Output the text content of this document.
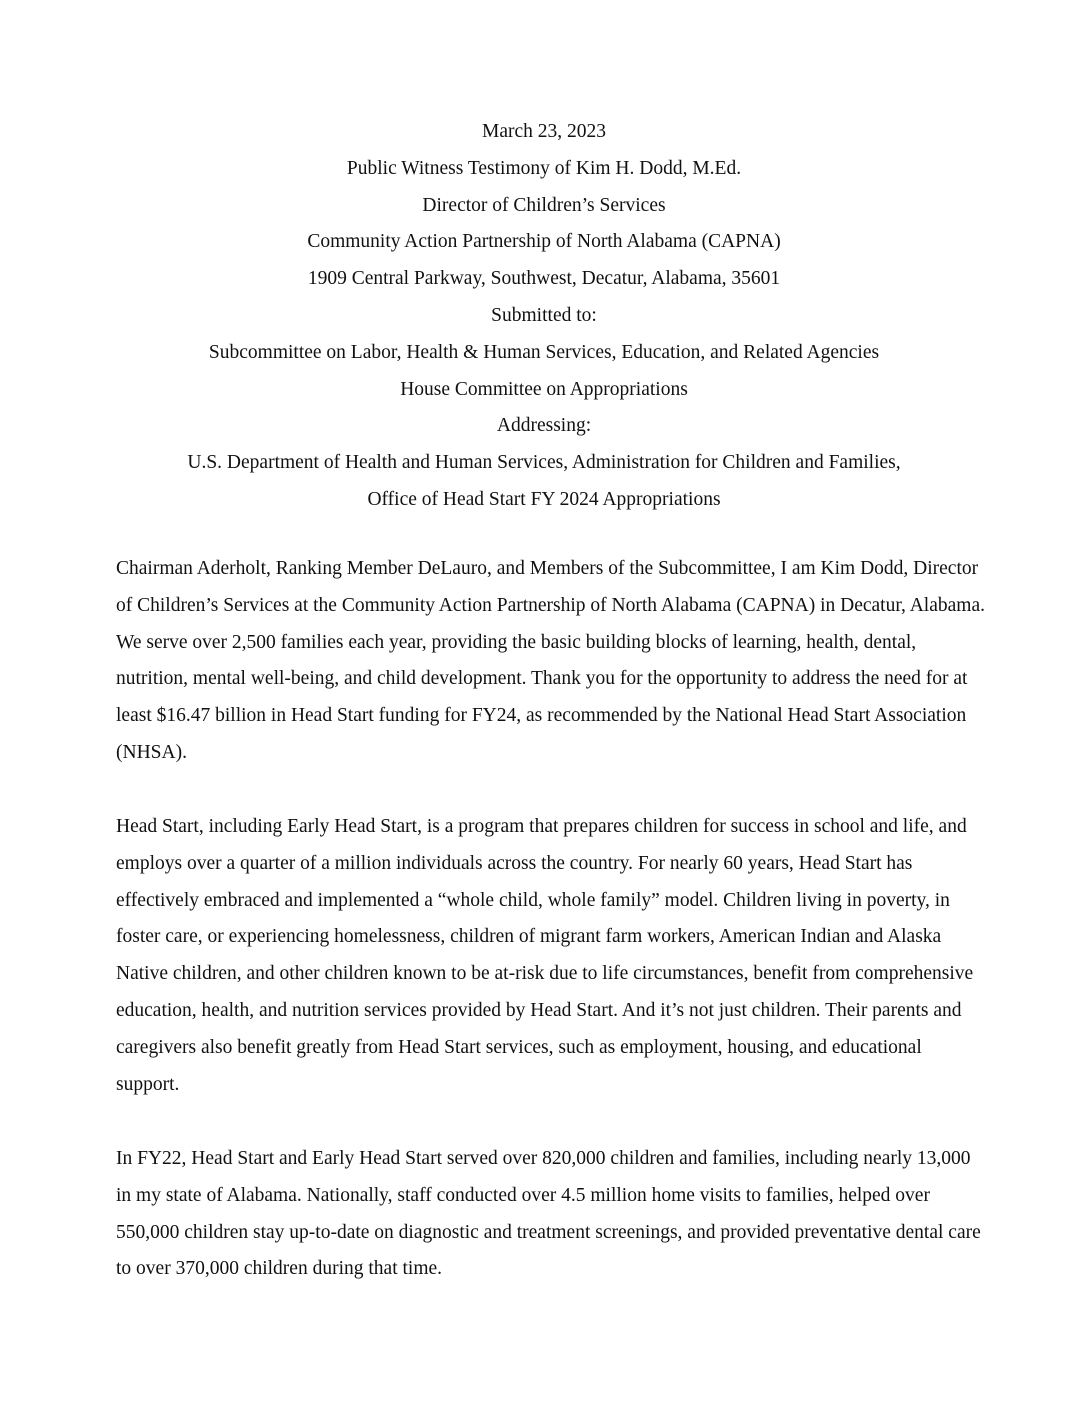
March 23, 2023
Public Witness Testimony of Kim H. Dodd, M.Ed.
Director of Children’s Services
Community Action Partnership of North Alabama (CAPNA)
1909 Central Parkway, Southwest, Decatur, Alabama, 35601
Submitted to:
Subcommittee on Labor, Health & Human Services, Education, and Related Agencies
House Committee on Appropriations
Addressing:
U.S. Department of Health and Human Services, Administration for Children and Families,
Office of Head Start FY 2024 Appropriations

Chairman Aderholt, Ranking Member DeLauro, and Members of the Subcommittee, I am Kim Dodd, Director of Children’s Services at the Community Action Partnership of North Alabama (CAPNA) in Decatur, Alabama. We serve over 2,500 families each year, providing the basic building blocks of learning, health, dental, nutrition, mental well-being, and child development. Thank you for the opportunity to address the need for at least $16.47 billion in Head Start funding for FY24, as recommended by the National Head Start Association (NHSA).

Head Start, including Early Head Start, is a program that prepares children for success in school and life, and employs over a quarter of a million individuals across the country. For nearly 60 years, Head Start has effectively embraced and implemented a “whole child, whole family” model. Children living in poverty, in foster care, or experiencing homelessness, children of migrant farm workers, American Indian and Alaska Native children, and other children known to be at-risk due to life circumstances, benefit from comprehensive education, health, and nutrition services provided by Head Start. And it’s not just children. Their parents and caregivers also benefit greatly from Head Start services, such as employment, housing, and educational support.

In FY22, Head Start and Early Head Start served over 820,000 children and families, including nearly 13,000 in my state of Alabama. Nationally, staff conducted over 4.5 million home visits to families, helped over 550,000 children stay up-to-date on diagnostic and treatment screenings, and provided preventative dental care to over 370,000 children during that time.
